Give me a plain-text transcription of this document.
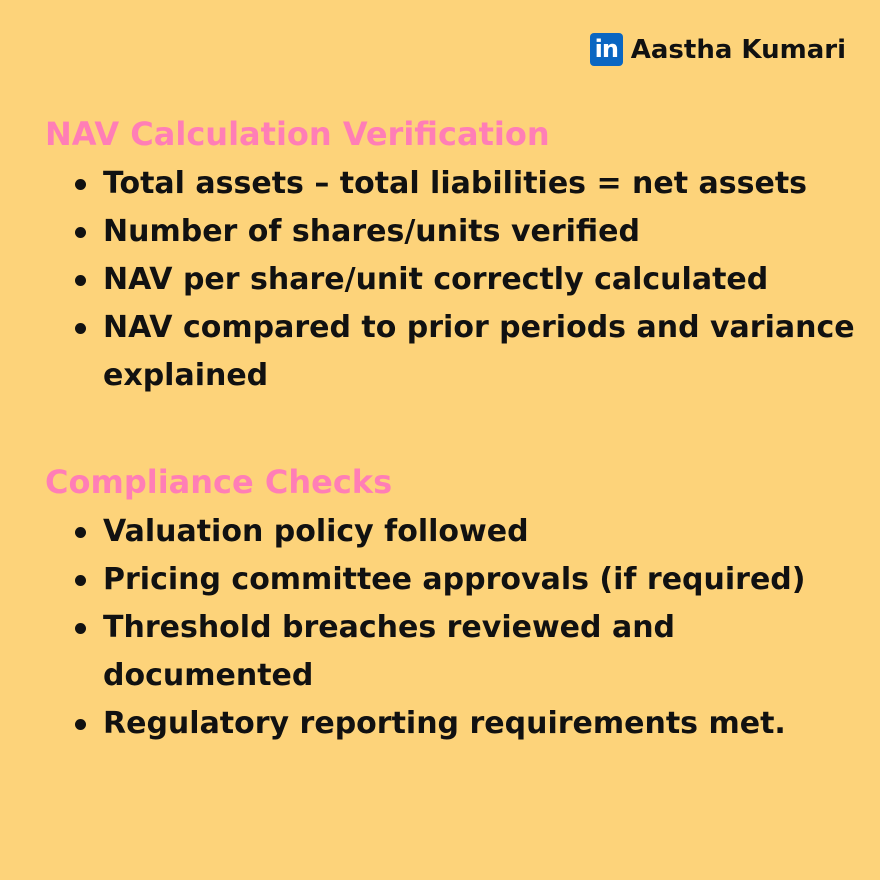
in Aastha Kumari
NAV Calculation Verification
Total assets – total liabilities = net assets
Number of shares/units verified
NAV per share/unit correctly calculated
NAV compared to prior periods and variance explained
Compliance Checks
Valuation policy followed
Pricing committee approvals (if required)
Threshold breaches reviewed and documented
Regulatory reporting requirements met.
